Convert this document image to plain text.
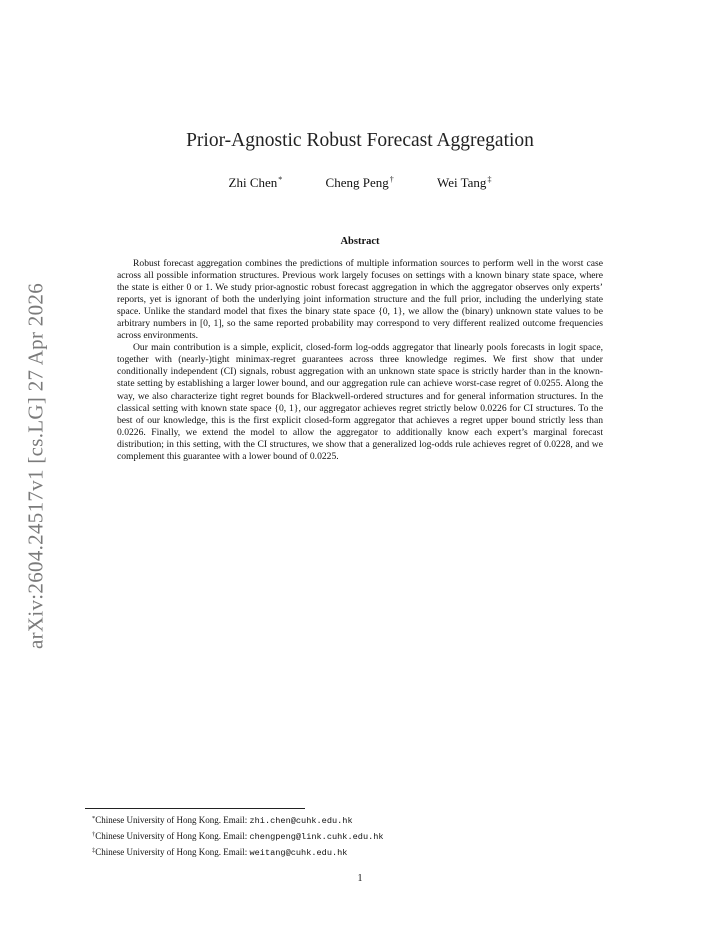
arXiv:2604.24517v1 [cs.LG] 27 Apr 2026
Prior-Agnostic Robust Forecast Aggregation
Zhi Chen*	Cheng Peng†	Wei Tang‡
Abstract

Robust forecast aggregation combines the predictions of multiple information sources to perform well in the worst case across all possible information structures. Previous work largely focuses on settings with a known binary state space, where the state is either 0 or 1. We study prior-agnostic robust forecast aggregation in which the aggregator observes only experts’ reports, yet is ignorant of both the underlying joint information structure and the full prior, including the underlying state space. Unlike the standard model that fixes the binary state space {0, 1}, we allow the (binary) unknown state values to be arbitrary numbers in [0, 1], so the same reported probability may correspond to very different realized outcome frequencies across environments.

Our main contribution is a simple, explicit, closed-form log-odds aggregator that linearly pools forecasts in logit space, together with (nearly-)tight minimax-regret guarantees across three knowledge regimes. We first show that under conditionally independent (CI) signals, robust aggregation with an unknown state space is strictly harder than in the known-state setting by establishing a larger lower bound, and our aggregation rule can achieve worst-case regret of 0.0255. Along the way, we also characterize tight regret bounds for Blackwell-ordered structures and for general information structures. In the classical setting with known state space {0, 1}, our aggregator achieves regret strictly below 0.0226 for CI structures. To the best of our knowledge, this is the first explicit closed-form aggregator that achieves a regret upper bound strictly less than 0.0226. Finally, we extend the model to allow the aggregator to additionally know each expert’s marginal forecast distribution; in this setting, with the CI structures, we show that a generalized log-odds rule achieves regret of 0.0228, and we complement this guarantee with a lower bound of 0.0225.

*Chinese University of Hong Kong. Email: zhi.chen@cuhk.edu.hk
†Chinese University of Hong Kong. Email: chengpeng@link.cuhk.edu.hk
‡Chinese University of Hong Kong. Email: weitang@cuhk.edu.hk
1
